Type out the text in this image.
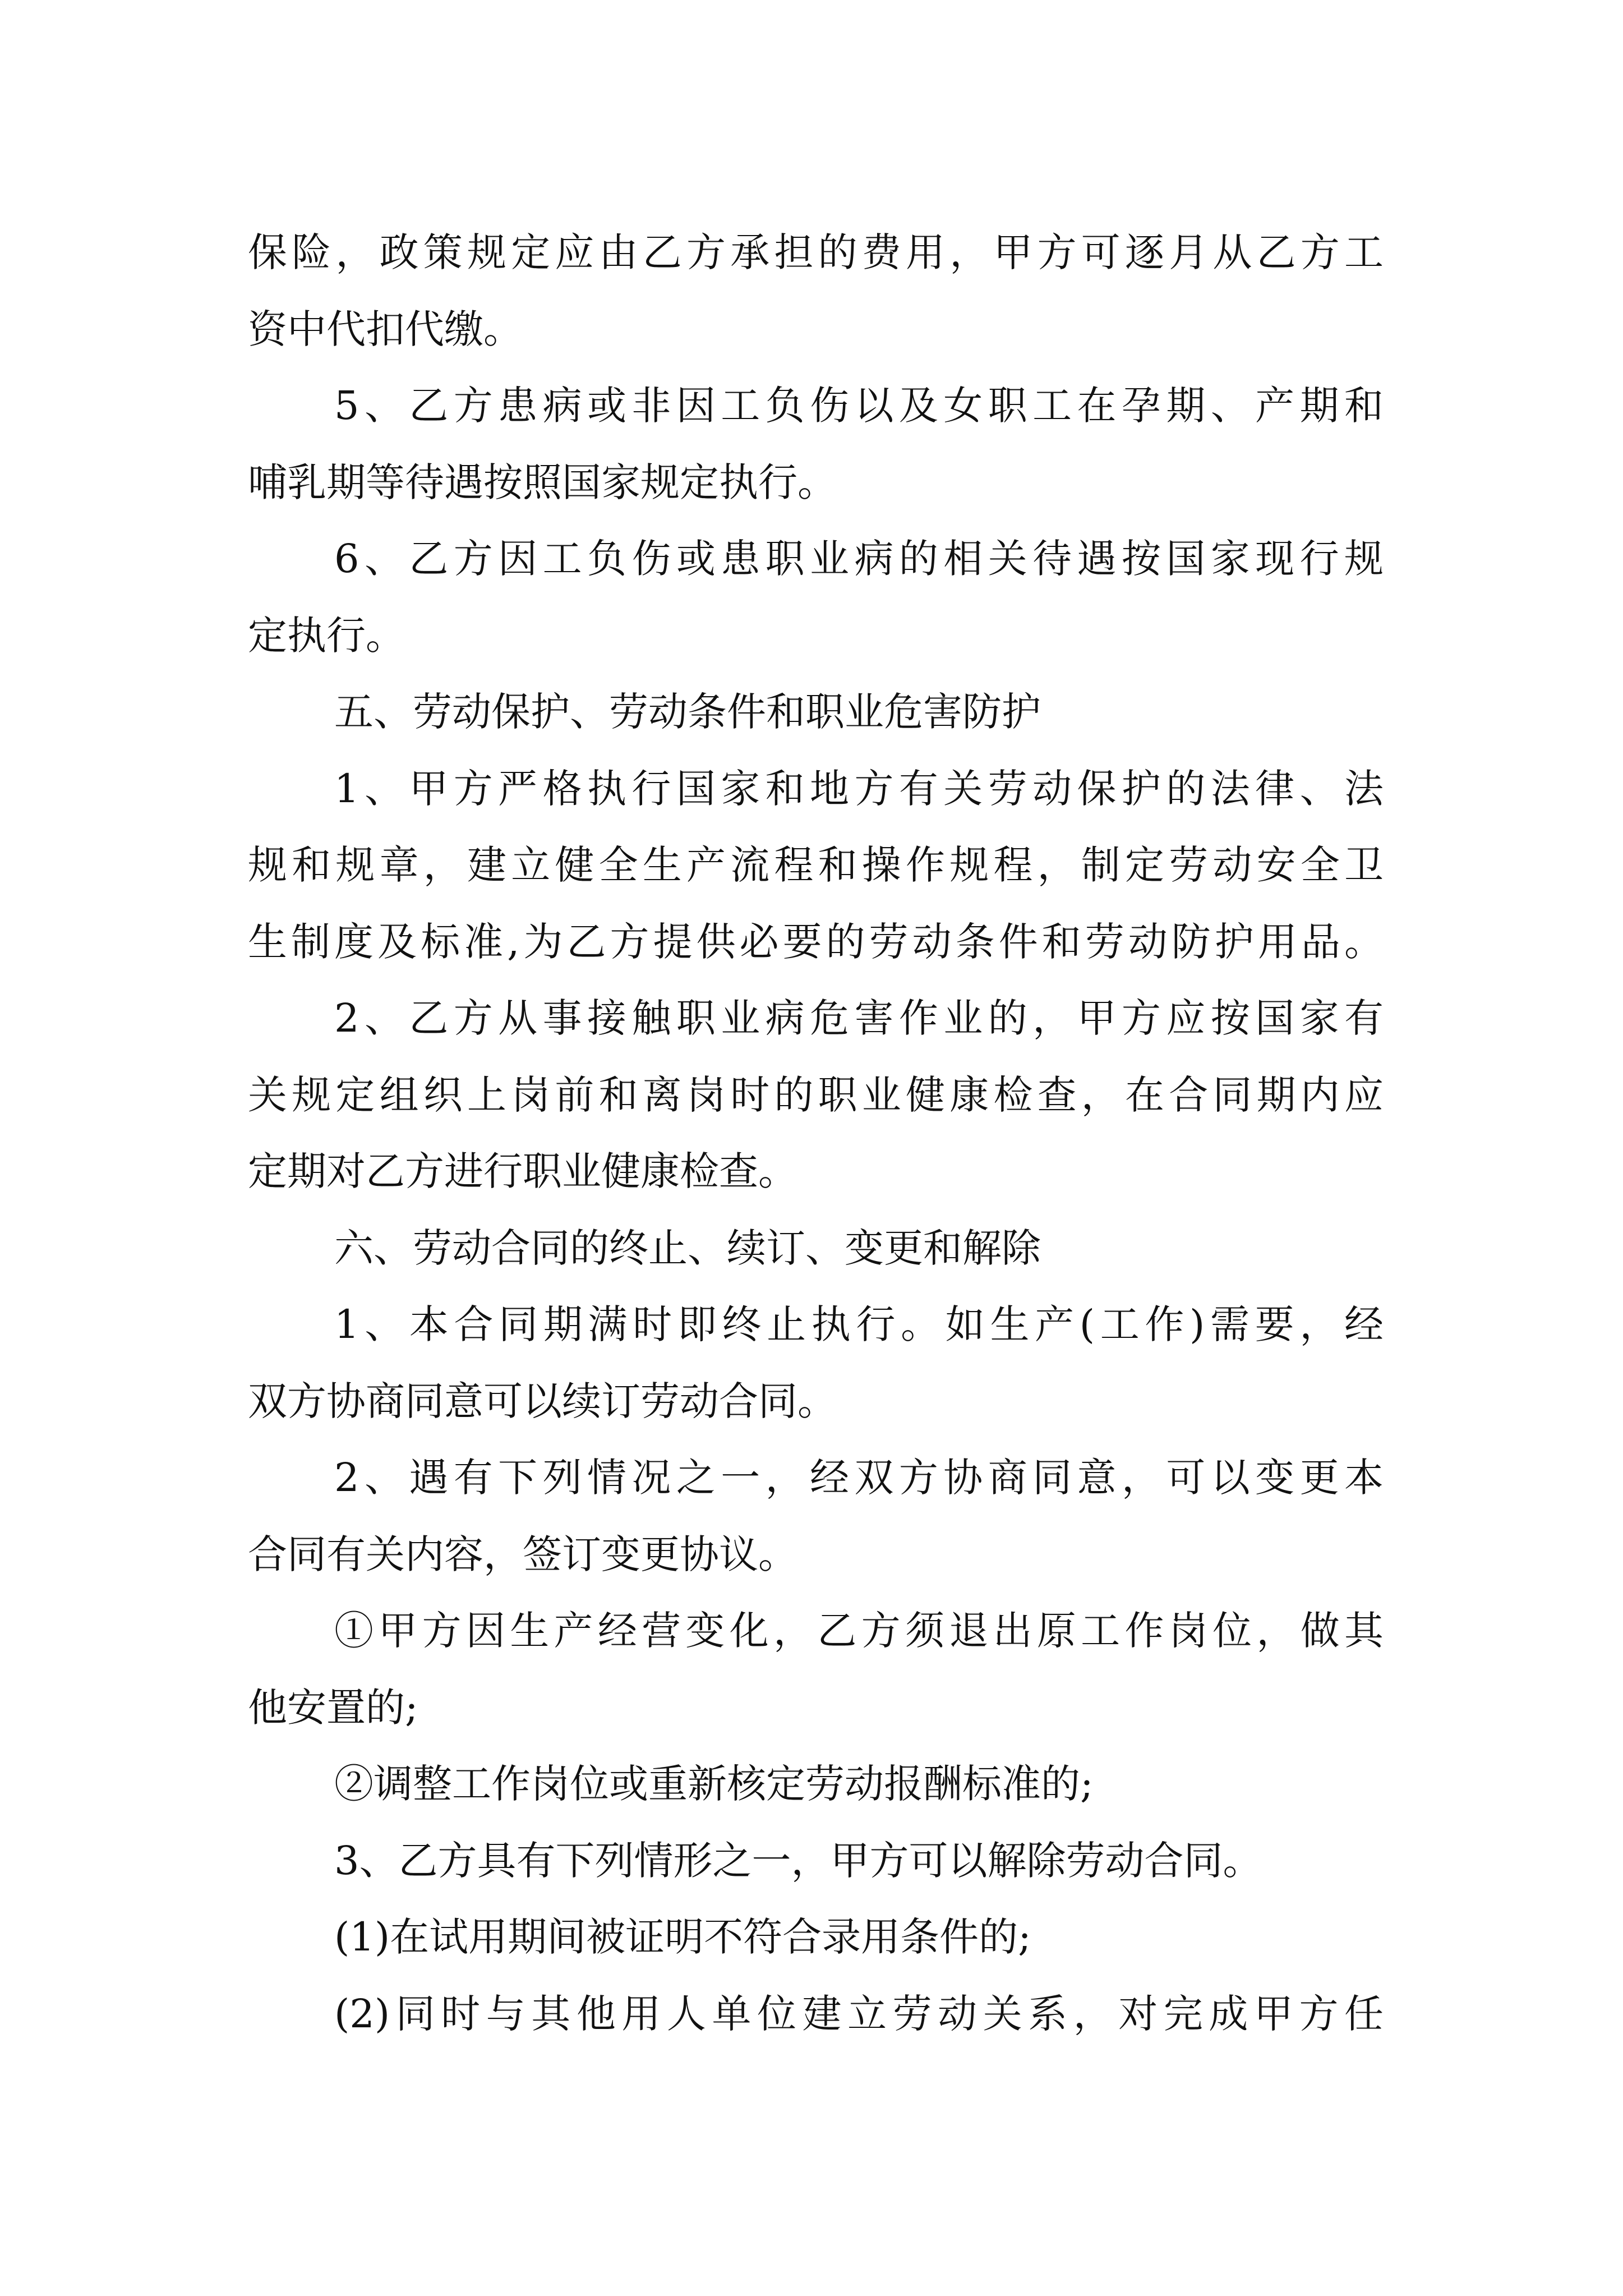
保险，政策规定应由乙方承担的费用，甲方可逐月从乙方工
资中代扣代缴。
5、乙方患病或非因工负伤以及女职工在孕期、产期和
哺乳期等待遇按照国家规定执行。
6、乙方因工负伤或患职业病的相关待遇按国家现行规
定执行。
五、劳动保护、劳动条件和职业危害防护
1、甲方严格执行国家和地方有关劳动保护的法律、法
规和规章，建立健全生产流程和操作规程，制定劳动安全卫
生制度及标准,为乙方提供必要的劳动条件和劳动防护用品。
2、乙方从事接触职业病危害作业的，甲方应按国家有
关规定组织上岗前和离岗时的职业健康检查，在合同期内应
定期对乙方进行职业健康检查。
六、劳动合同的终止、续订、变更和解除
1、本合同期满时即终止执行。如生产(工作)需要，经
双方协商同意可以续订劳动合同。
2、遇有下列情况之一，经双方协商同意，可以变更本
合同有关内容，签订变更协议。
①甲方因生产经营变化，乙方须退出原工作岗位，做其
他安置的;
②调整工作岗位或重新核定劳动报酬标准的;
3、乙方具有下列情形之一，甲方可以解除劳动合同。
(1)在试用期间被证明不符合录用条件的;
(2)同时与其他用人单位建立劳动关系，对完成甲方任
